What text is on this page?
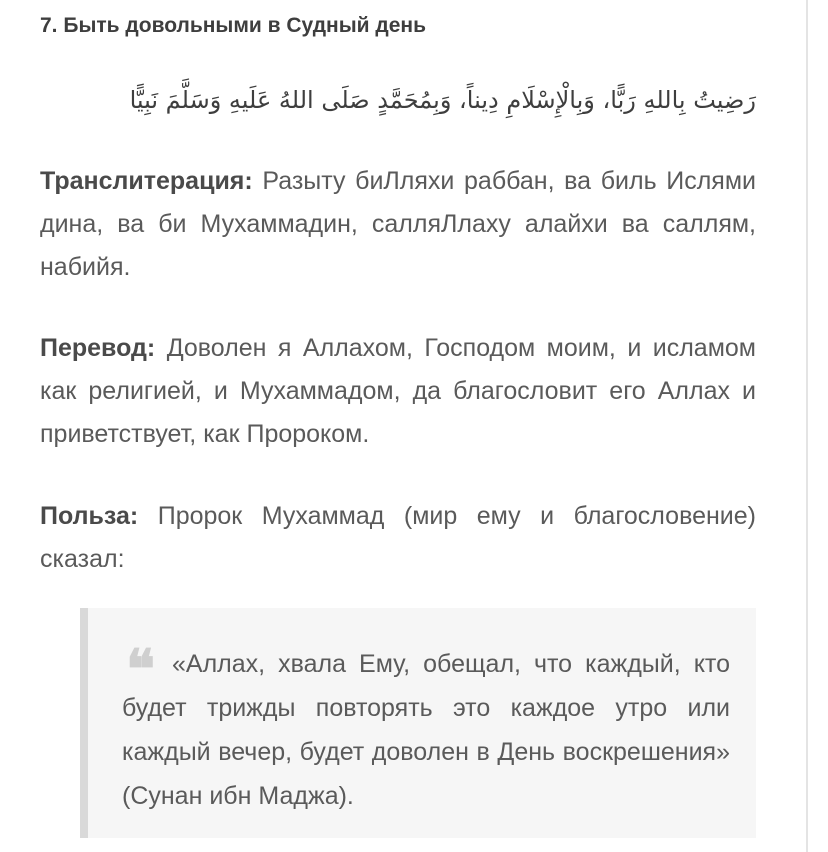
7. Быть довольными в Судный день

رَضِيتُ بِاللهِ رَبًّا، وَبِالْإِسْلَامِ دِيناً، وَبِمُحَمَّدٍ صَلَى اللهُ عَلَيهِ وَسَلَّمَ نَبِيًّا

Транслитерация: Разыту биЛляхи раббан, ва биль Ислями дина, ва би Мухаммадин, салляЛлаху алайхи ва саллям, набийя.

Перевод: Доволен я Аллахом, Господом моим, и исламом как религией, и Мухаммадом, да благословит его Аллах и приветствует, как Пророком.

Польза: Пророк Мухаммад (мир ему и благословение) сказал:

❝ «Аллах, хвала Ему, обещал, что каждый, кто будет трижды повторять это каждое утро или каждый вечер, будет доволен в День воскрешения» (Сунан ибн Маджа).
